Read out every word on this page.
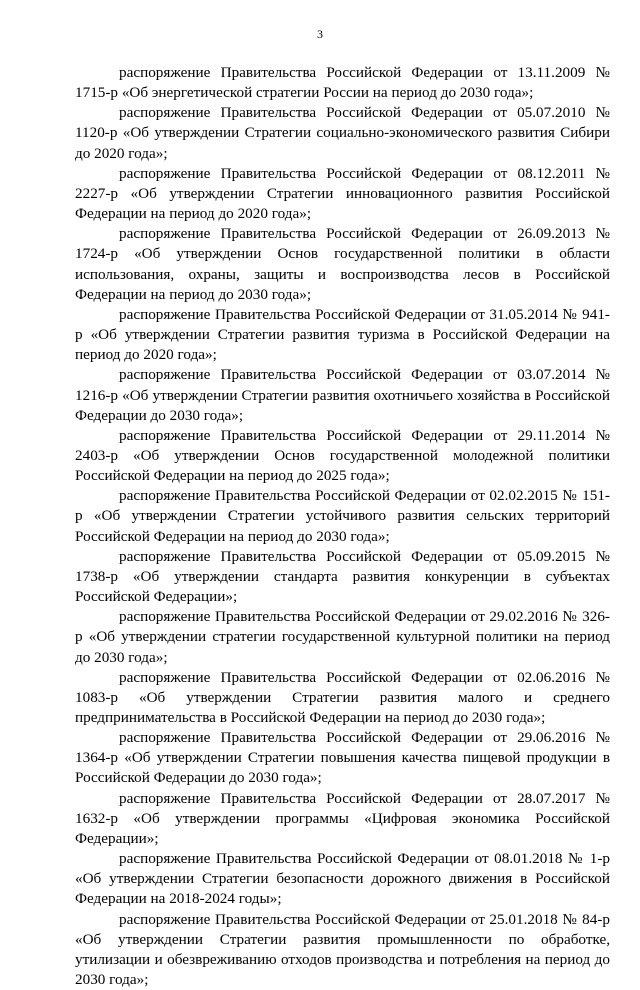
3

распоряжение Правительства Российской Федерации от 13.11.2009 № 1715-р «Об энергетической стратегии России на период до 2030 года»;

распоряжение Правительства Российской Федерации от 05.07.2010 № 1120-р «Об утверждении Стратегии социально-экономического развития Сибири до 2020 года»;

распоряжение Правительства Российской Федерации от 08.12.2011 № 2227-р «Об утверждении Стратегии инновационного развития Российской Федерации на период до 2020 года»;

распоряжение Правительства Российской Федерации от 26.09.2013 № 1724-р «Об утверждении Основ государственной политики в области использования, охраны, защиты и воспроизводства лесов в Российской Федерации на период до 2030 года»;

распоряжение Правительства Российской Федерации от 31.05.2014 № 941-р «Об утверждении Стратегии развития туризма в Российской Федерации на период до 2020 года»;

распоряжение Правительства Российской Федерации от 03.07.2014 № 1216-р «Об утверждении Стратегии развития охотничьего хозяйства в Российской Федерации до 2030 года»;

распоряжение Правительства Российской Федерации от 29.11.2014 № 2403-р «Об утверждении Основ государственной молодежной политики Российской Федерации на период до 2025 года»;

распоряжение Правительства Российской Федерации от 02.02.2015 № 151-р «Об утверждении Стратегии устойчивого развития сельских территорий Российской Федерации на период до 2030 года»;

распоряжение Правительства Российской Федерации от 05.09.2015 № 1738-р «Об утверждении стандарта развития конкуренции в субъектах Российской Федерации»;

распоряжение Правительства Российской Федерации от 29.02.2016 № 326-р «Об утверждении стратегии государственной культурной политики на период до 2030 года»;

распоряжение Правительства Российской Федерации от 02.06.2016 № 1083-р «Об утверждении Стратегии развития малого и среднего предпринимательства в Российской Федерации на период до 2030 года»;

распоряжение Правительства Российской Федерации от 29.06.2016 № 1364-р «Об утверждении Стратегии повышения качества пищевой продукции в Российской Федерации до 2030 года»;

распоряжение Правительства Российской Федерации от 28.07.2017 № 1632-р «Об утверждении программы «Цифровая экономика Российской Федерации»;

распоряжение Правительства Российской Федерации от 08.01.2018 № 1-р «Об утверждении Стратегии безопасности дорожного движения в Российской Федерации на 2018-2024 годы»;

распоряжение Правительства Российской Федерации от 25.01.2018 № 84-р «Об утверждении Стратегии развития промышленности по обработке, утилизации и обезвреживанию отходов производства и потребления на период до 2030 года»;
